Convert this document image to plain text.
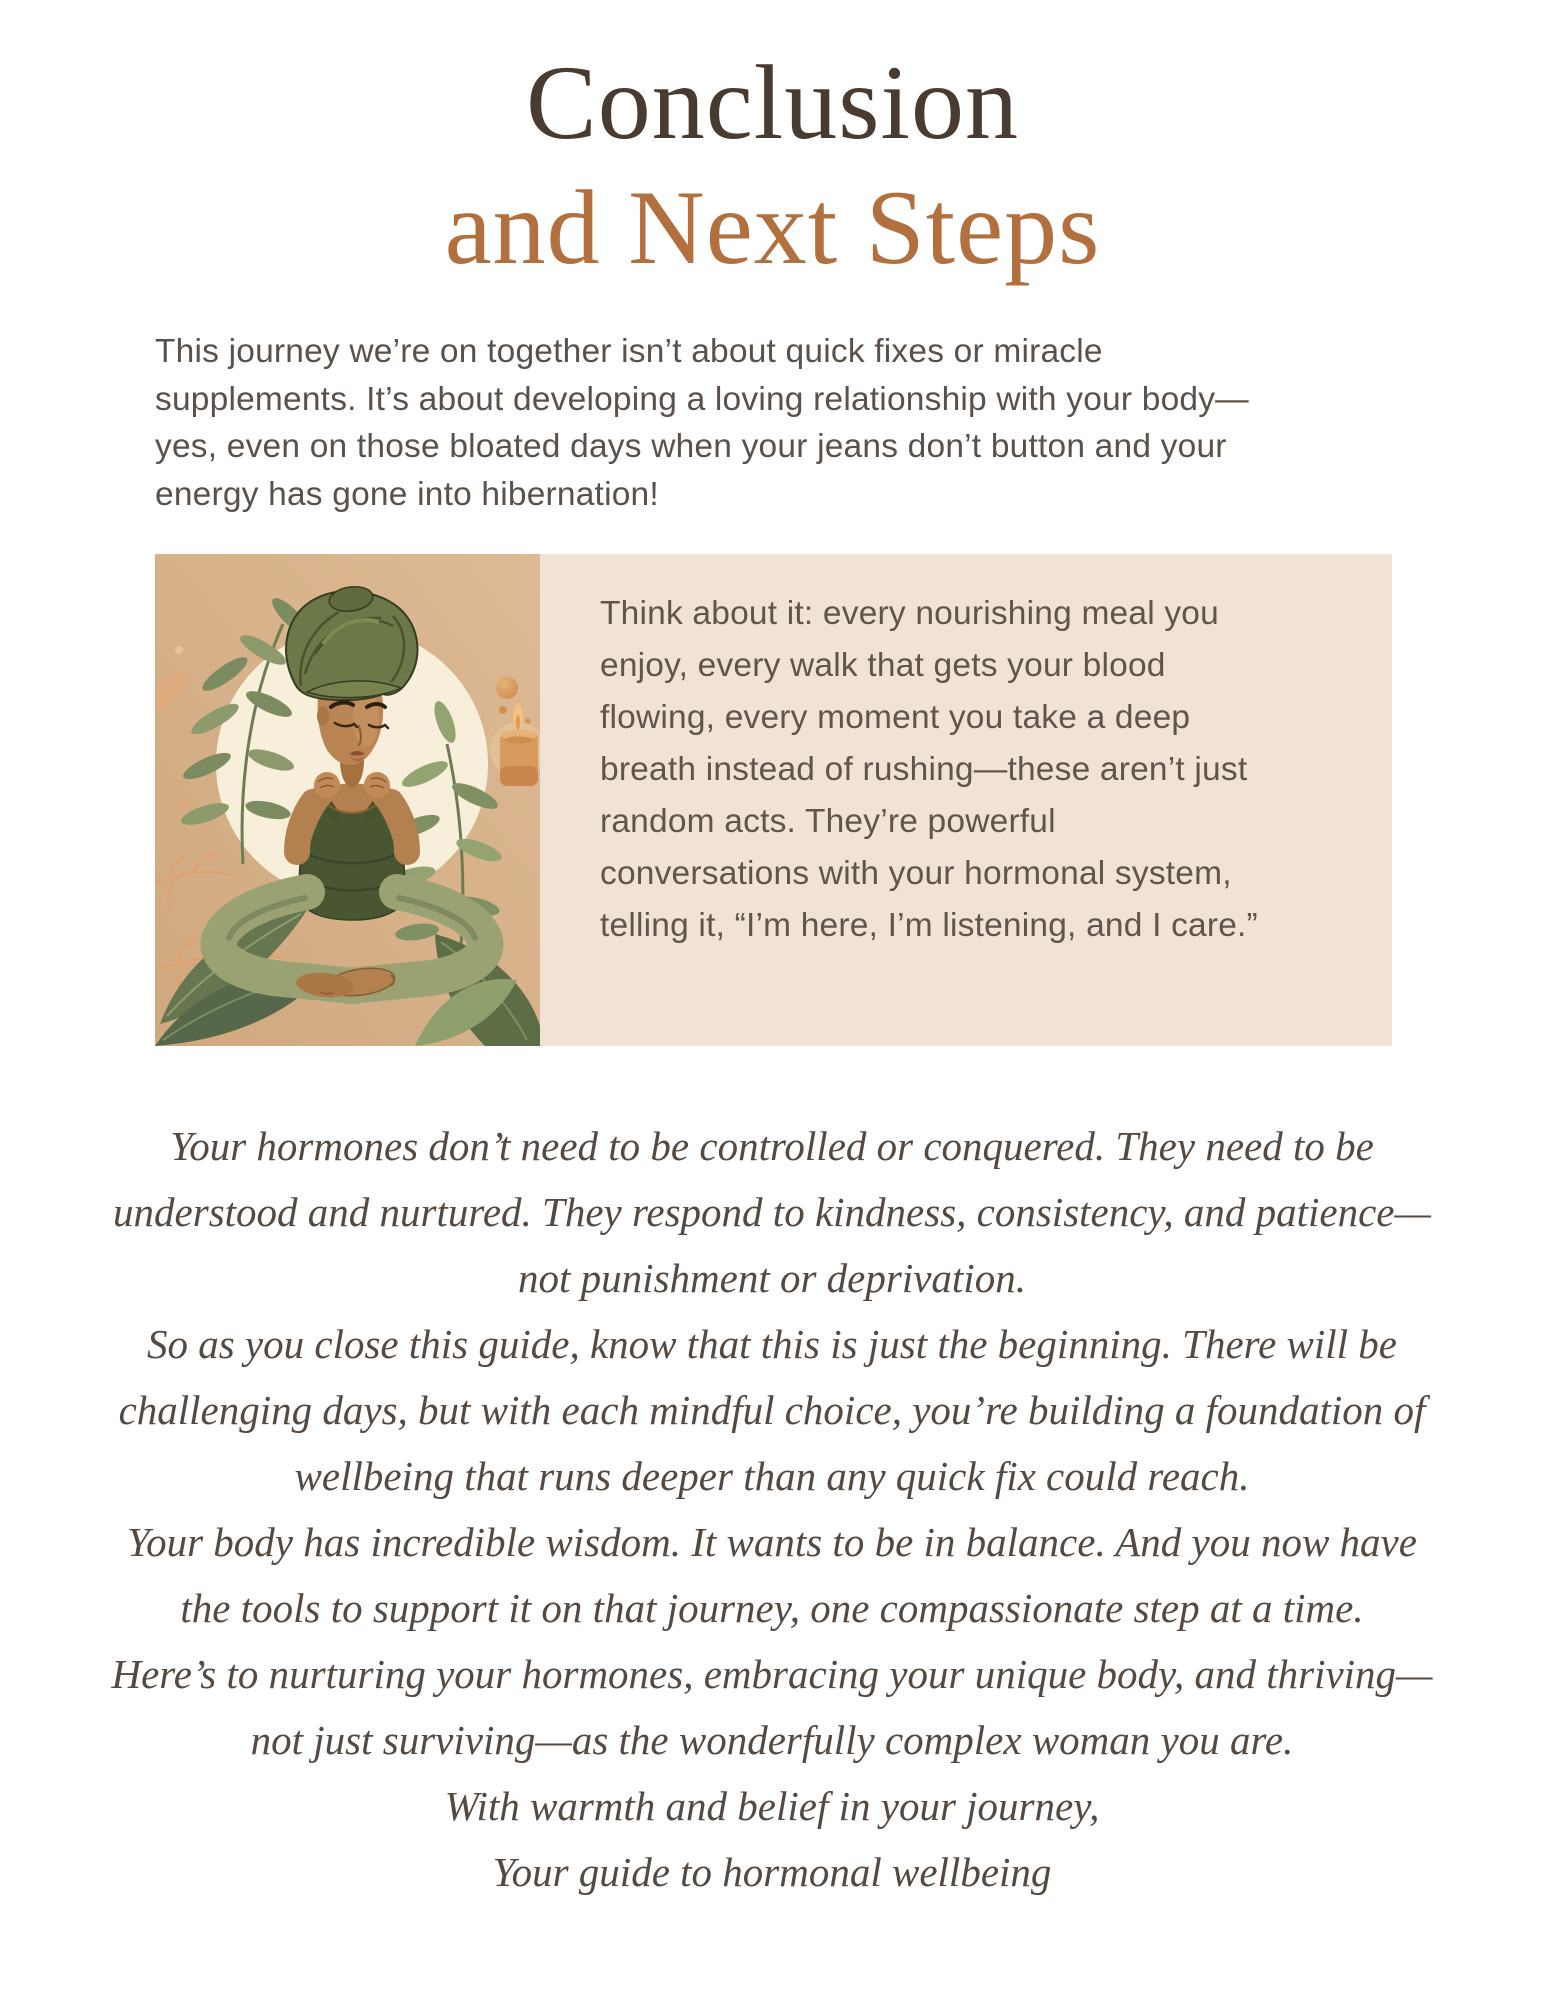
Conclusion
and Next Steps
This journey we’re on together isn’t about quick fixes or miracle
supplements. It’s about developing a loving relationship with your body—
yes, even on those bloated days when your jeans don’t button and your
energy has gone into hibernation!
Think about it: every nourishing meal you
enjoy, every walk that gets your blood
flowing, every moment you take a deep
breath instead of rushing—these aren’t just
random acts. They’re powerful
conversations with your hormonal system,
telling it, “I’m here, I’m listening, and I care.”
Your hormones don’t need to be controlled or conquered. They need to be
understood and nurtured. They respond to kindness, consistency, and patience—
not punishment or deprivation.
So as you close this guide, know that this is just the beginning. There will be
challenging days, but with each mindful choice, you’re building a foundation of
wellbeing that runs deeper than any quick fix could reach.
Your body has incredible wisdom. It wants to be in balance. And you now have
the tools to support it on that journey, one compassionate step at a time.
Here’s to nurturing your hormones, embracing your unique body, and thriving—
not just surviving—as the wonderfully complex woman you are.
With warmth and belief in your journey,
Your guide to hormonal wellbeing
